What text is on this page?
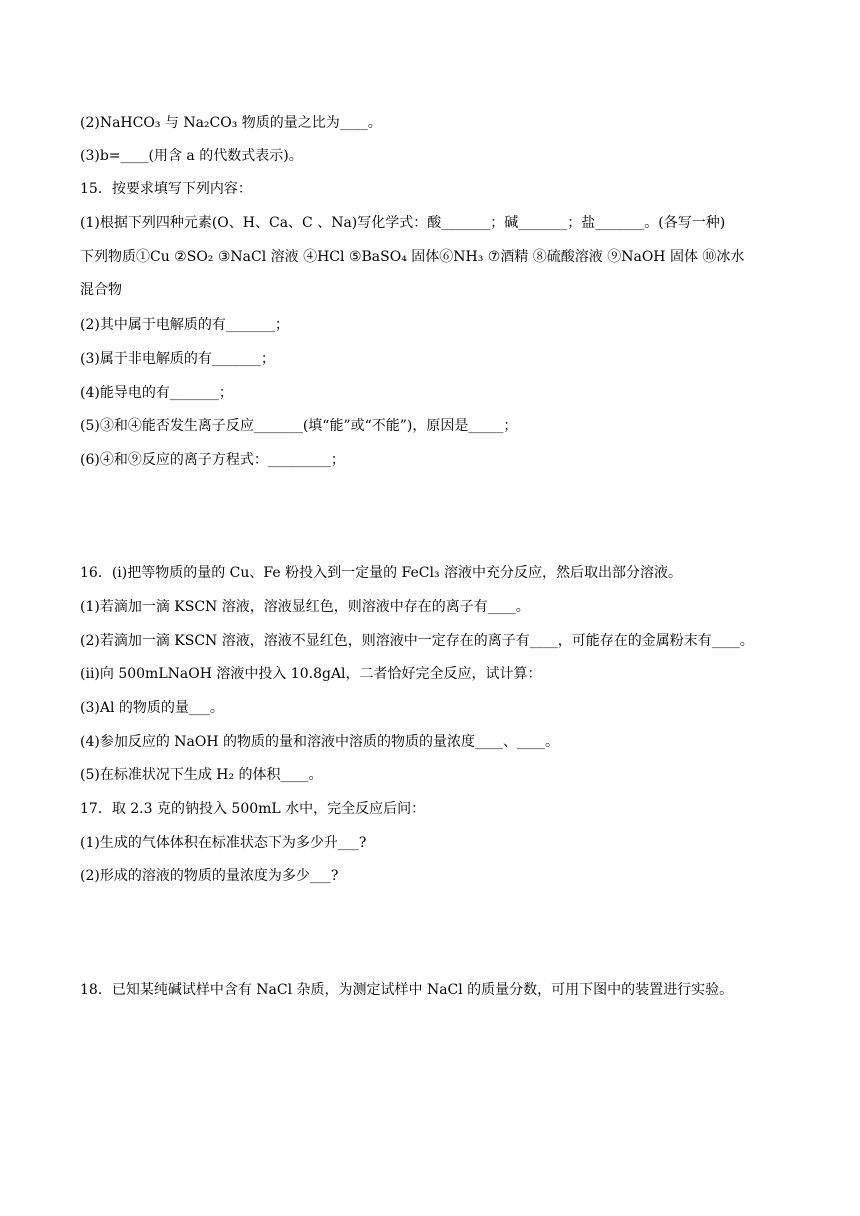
(2)NaHCO₃ 与 Na₂CO₃ 物质的量之比为____。
(3)b=____(用含 a 的代数式表示)。
15．按要求填写下列内容：
(1)根据下列四种元素(O、H、Ca、C 、Na)写化学式：酸_______；碱_______；盐_______。(各写一种)
下列物质①Cu ②SO₂ ③NaCl 溶液 ④HCl ⑤BaSO₄ 固体⑥NH₃ ⑦酒精 ⑧硫酸溶液 ⑨NaOH 固体 ⑩冰水
混合物
(2)其中属于电解质的有_______；
(3)属于非电解质的有_______；
(4)能导电的有_______；
(5)③和④能否发生离子反应_______(填“能”或“不能”)，原因是_____；
(6)④和⑨反应的离子方程式：_________；
16．(ⅰ)把等物质的量的 Cu、Fe 粉投入到一定量的 FeCl₃ 溶液中充分反应，然后取出部分溶液。
(1)若滴加一滴 KSCN 溶液，溶液显红色，则溶液中存在的离子有____。
(2)若滴加一滴 KSCN 溶液，溶液不显红色，则溶液中一定存在的离子有____，可能存在的金属粉末有____。
(ⅱ)向 500mLNaOH 溶液中投入 10.8gAl，二者恰好完全反应，试计算：
(3)Al 的物质的量___。
(4)参加反应的 NaOH 的物质的量和溶液中溶质的物质的量浓度____、____。
(5)在标准状况下生成 H₂ 的体积____。
17．取 2.3 克的钠投入 500mL 水中，完全反应后问：
(1)生成的气体体积在标准状态下为多少升___?
(2)形成的溶液的物质的量浓度为多少___?
18．已知某纯碱试样中含有 NaCl 杂质，为测定试样中 NaCl 的质量分数，可用下图中的装置进行实验。
